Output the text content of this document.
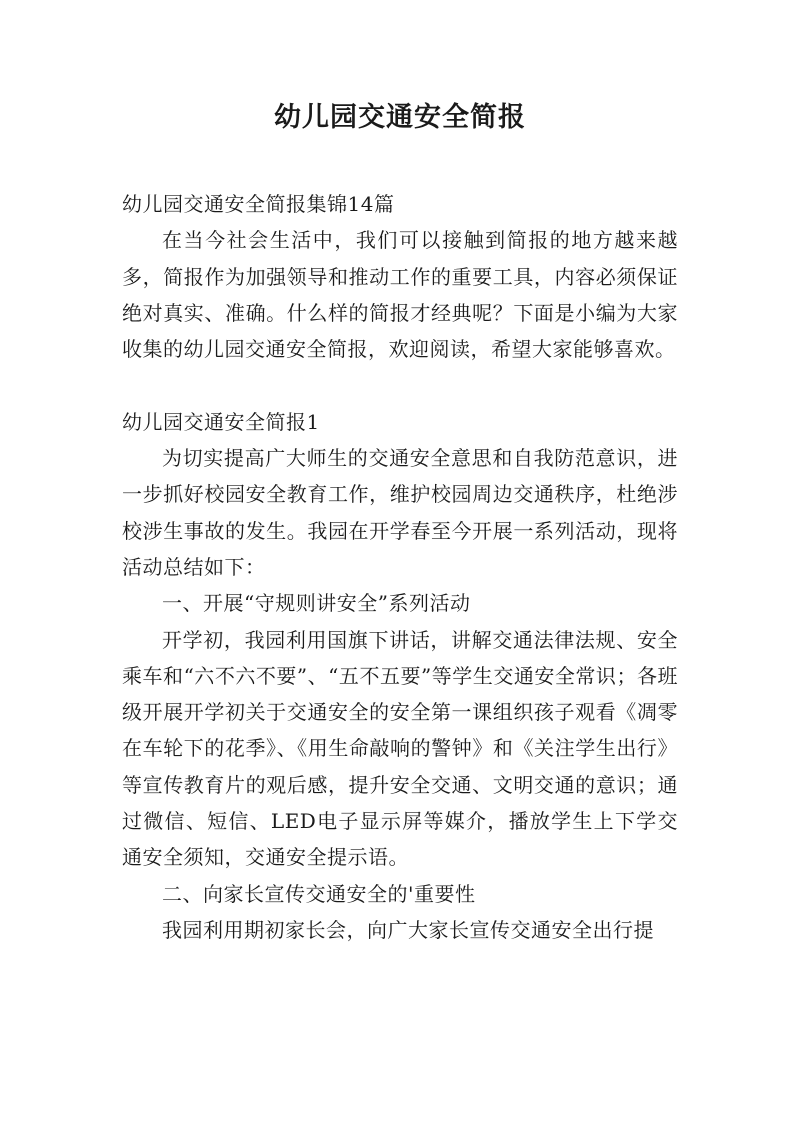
幼儿园交通安全简报

幼儿园交通安全简报集锦14篇

在当今社会生活中，我们可以接触到简报的地方越来越多，简报作为加强领导和推动工作的重要工具，内容必须保证绝对真实、准确。什么样的简报才经典呢？下面是小编为大家收集的幼儿园交通安全简报，欢迎阅读，希望大家能够喜欢。

幼儿园交通安全简报1

为切实提高广大师生的交通安全意思和自我防范意识，进一步抓好校园安全教育工作，维护校园周边交通秩序，杜绝涉校涉生事故的发生。我园在开学春至今开展一系列活动，现将活动总结如下：

一、开展“守规则讲安全”系列活动

开学初，我园利用国旗下讲话，讲解交通法律法规、安全乘车和“六不六不要”、“五不五要”等学生交通安全常识；各班级开展开学初关于交通安全的安全第一课组织孩子观看《凋零在车轮下的花季》、《用生命敲响的警钟》和《关注学生出行》等宣传教育片的观后感，提升安全交通、文明交通的意识；通过微信、短信、LED电子显示屏等媒介，播放学生上下学交通安全须知，交通安全提示语。

二、向家长宣传交通安全的'重要性

我园利用期初家长会，向广大家长宣传交通安全出行提
